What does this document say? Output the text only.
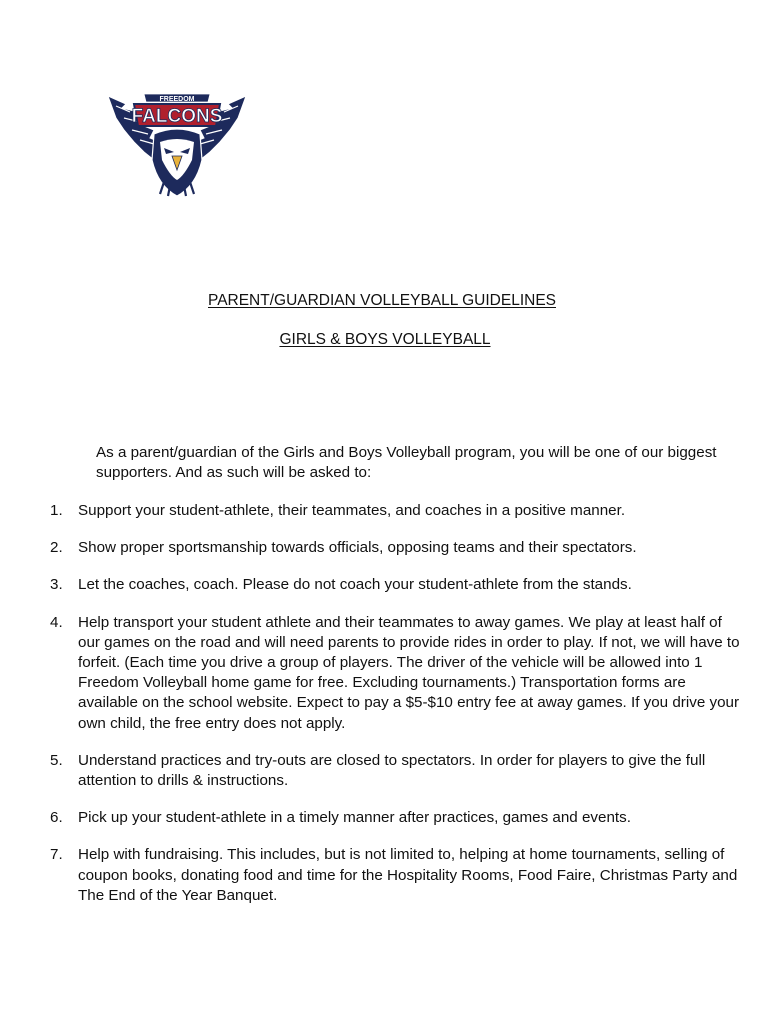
FREEDOM
FALCONS
PARENT/GUARDIAN VOLLEYBALL GUIDELINES
GIRLS & BOYS VOLLEYBALL

As a parent/guardian of the Girls and Boys Volleyball program, you will be one of our biggest supporters. And as such will be asked to:

1.	Support your student-athlete, their teammates, and coaches in a positive manner.
2.	Show proper sportsmanship towards officials, opposing teams and their spectators.
3.	Let the coaches, coach. Please do not coach your student-athlete from the stands.
4.	Help transport your student athlete and their teammates to away games. We play at least half of our games on the road and will need parents to provide rides in order to play. If not, we will have to forfeit. (Each time you drive a group of players. The driver of the vehicle will be allowed into 1 Freedom Volleyball home game for free. Excluding tournaments.) Transportation forms are available on the school website. Expect to pay a $5-$10 entry fee at away games. If you drive your own child, the free entry does not apply.
5.	Understand practices and try-outs are closed to spectators. In order for players to give the full attention to drills & instructions.
6.	Pick up your student-athlete in a timely manner after practices, games and events.
7.	Help with fundraising. This includes, but is not limited to, helping at home tournaments, selling of coupon books, donating food and time for the Hospitality Rooms, Food Faire, Christmas Party and The End of the Year Banquet.
